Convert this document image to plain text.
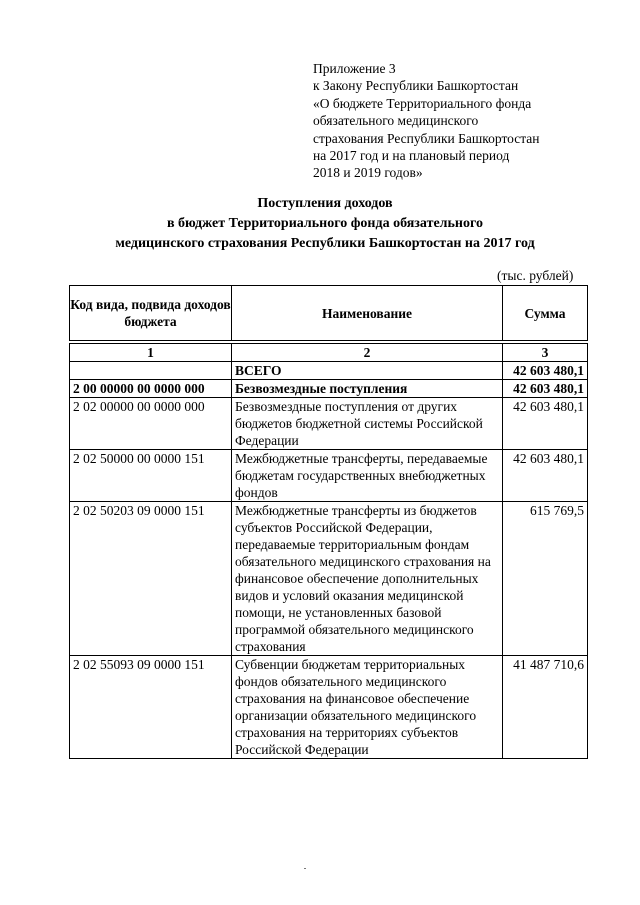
Приложение 3
к Закону Республики Башкортостан
«О бюджете Территориального фонда
обязательного медицинского
страхования Республики Башкортостан
на 2017 год и на плановый период
2018 и 2019 годов»
Поступления доходов
в бюджет Территориального фонда обязательного
медицинского страхования Республики Башкортостан на 2017 год
(тыс. рублей)
Код вида, подвида доходов бюджета	Наименование	Сумма
1	2	3
	ВСЕГО	42 603 480,1
2 00 00000 00 0000 000	Безвозмездные поступления	42 603 480,1
2 02 00000 00 0000 000	Безвозмездные поступления от других бюджетов бюджетной системы Российской Федерации	42 603 480,1
2 02 50000 00 0000 151	Межбюджетные трансферты, передаваемые бюджетам государственных внебюджетных фондов	42 603 480,1
2 02 50203 09 0000 151	Межбюджетные трансферты из бюджетов субъектов Российской Федерации, передаваемые территориальным фондам обязательного медицинского страхования на финансовое обеспечение дополнительных видов и условий оказания медицинской помощи, не установленных базовой программой обязательного медицинского страхования	615 769,5
2 02 55093 09 0000 151	Субвенции бюджетам территориальных фондов обязательного медицинского страхования на финансовое обеспечение организации обязательного медицинского страхования на территориях субъектов Российской Федерации	41 487 710,6
